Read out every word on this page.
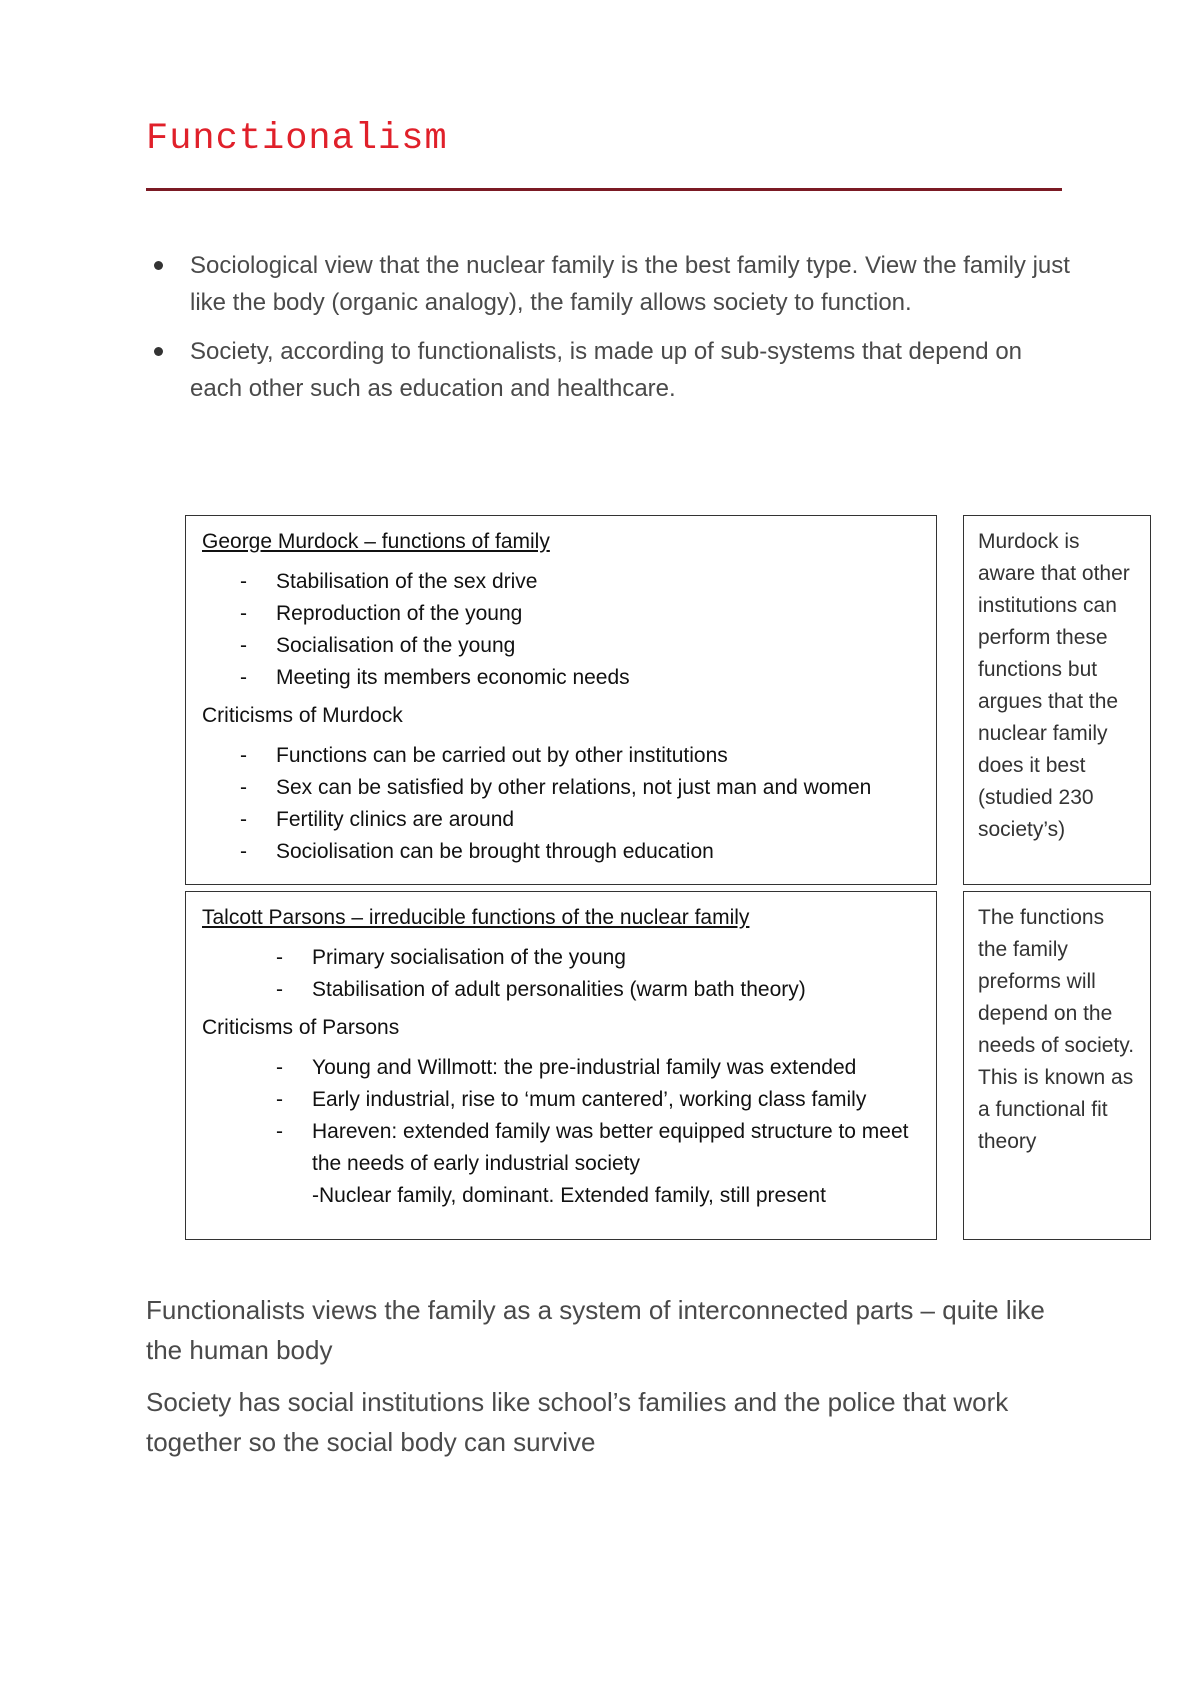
Functionalism
Sociological view that the nuclear family is the best family type. View the family just like the body (organic analogy), the family allows society to function.
Society, according to functionalists, is made up of sub-systems that depend on each other such as education and healthcare.

George Murdock – functions of family

- Stabilisation of the sex drive
- Reproduction of the young
- Socialisation of the young
- Meeting its members economic needs

Criticisms of Murdock

- Functions can be carried out by other institutions
- Sex can be satisfied by other relations, not just man and women
- Fertility clinics are around
- Sociolisation can be brought through education
Murdock is aware that other institutions can perform these functions but argues that the nuclear family does it best (studied 230 society’s)

Talcott Parsons – irreducible functions of the nuclear family

- Primary socialisation of the young
- Stabilisation of adult personalities (warm bath theory)

Criticisms of Parsons

- Young and Willmott: the pre-industrial family was extended
- Early industrial, rise to ‘mum cantered’, working class family
- Hareven: extended family was better equipped structure to meet the needs of early industrial society
-Nuclear family, dominant. Extended family, still present
The functions the family preforms will depend on the needs of society. This is known as a functional fit theory

Functionalists views the family as a system of interconnected parts – quite like the human body

Society has social institutions like school’s families and the police that work together so the social body can survive
